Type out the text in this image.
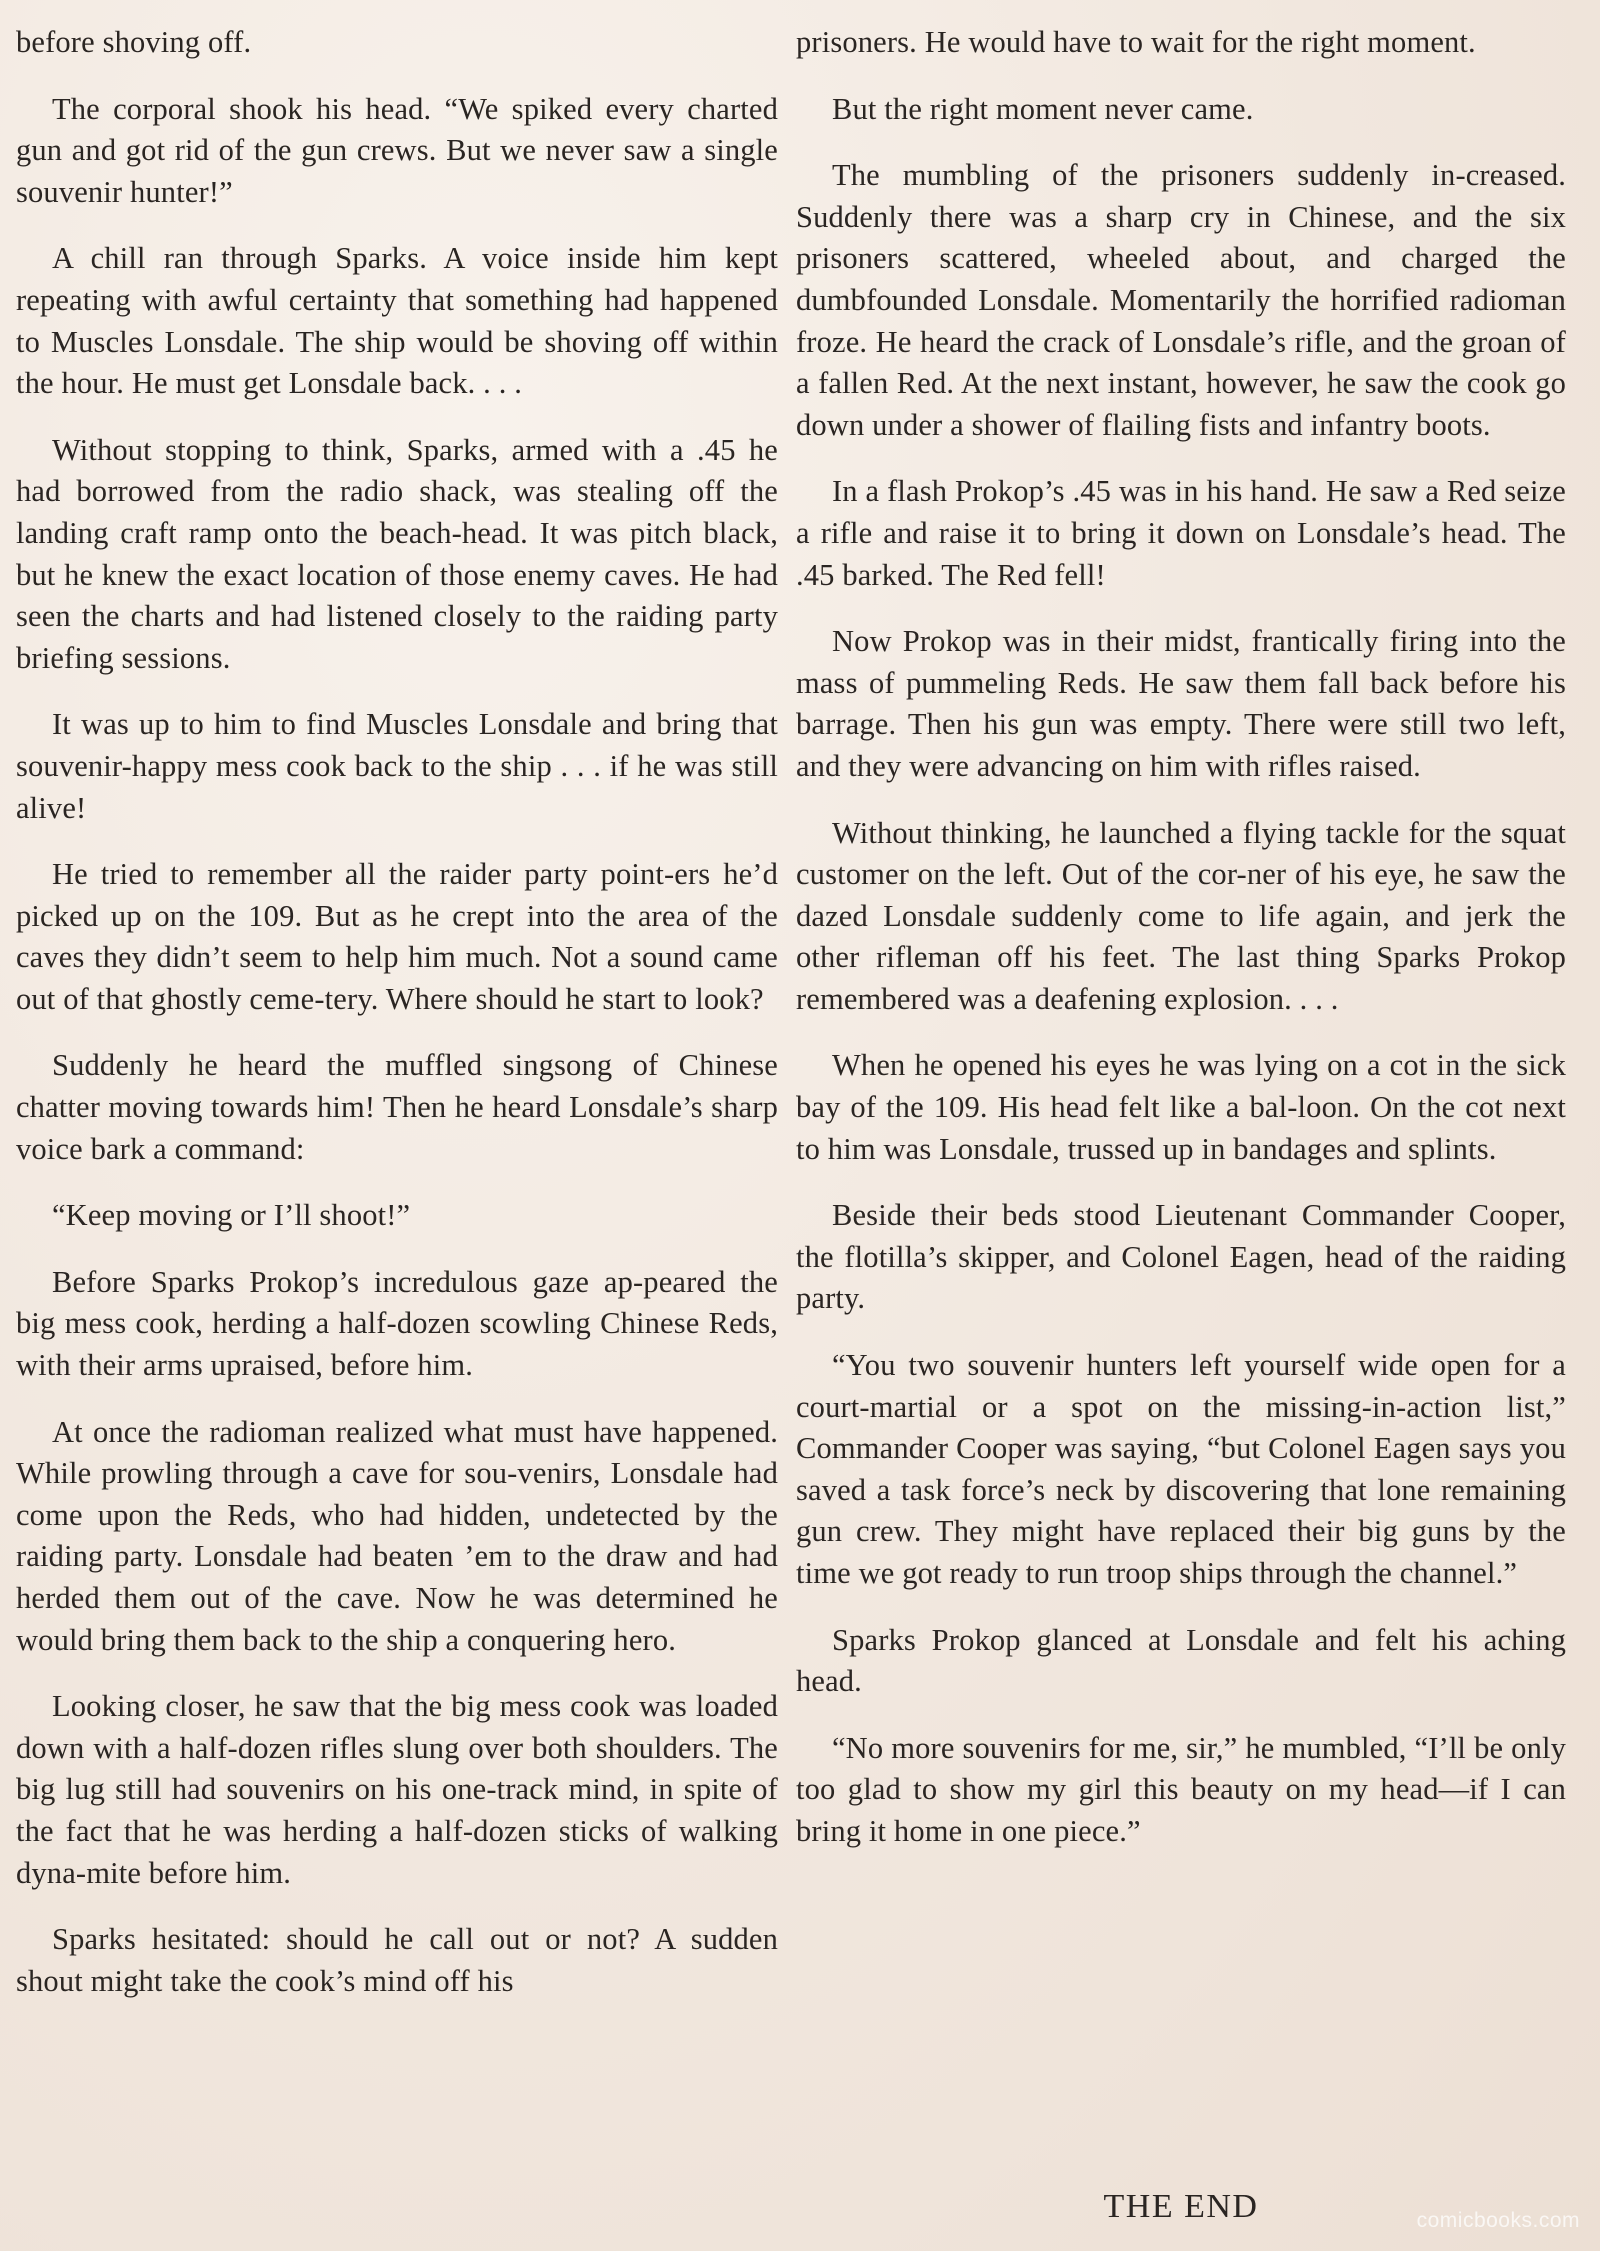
before shoving off.

The corporal shook his head. “We spiked every charted gun and got rid of the gun crews. But we never saw a single souvenir hunter!”

A chill ran through Sparks. A voice inside him kept repeating with awful certainty that something had happened to Muscles Lonsdale. The ship would be shoving off within the hour. He must get Lonsdale back. . . .

Without stopping to think, Sparks, armed with a .45 he had borrowed from the radio shack, was stealing off the landing craft ramp onto the beach-head. It was pitch black, but he knew the exact location of those enemy caves. He had seen the charts and had listened closely to the raiding party briefing sessions.

It was up to him to find Muscles Lonsdale and bring that souvenir-happy mess cook back to the ship . . . if he was still alive!

He tried to remember all the raider party point-ers he’d picked up on the 109. But as he crept into the area of the caves they didn’t seem to help him much. Not a sound came out of that ghostly ceme-tery. Where should he start to look?

Suddenly he heard the muffled singsong of Chinese chatter moving towards him! Then he heard Lonsdale’s sharp voice bark a command:

“Keep moving or I’ll shoot!”

Before Sparks Prokop’s incredulous gaze ap-peared the big mess cook, herding a half-dozen scowling Chinese Reds, with their arms upraised, before him.

At once the radioman realized what must have happened. While prowling through a cave for sou-venirs, Lonsdale had come upon the Reds, who had hidden, undetected by the raiding party. Lonsdale had beaten ’em to the draw and had herded them out of the cave. Now he was determined he would bring them back to the ship a conquering hero.

Looking closer, he saw that the big mess cook was loaded down with a half-dozen rifles slung over both shoulders. The big lug still had souvenirs on his one-track mind, in spite of the fact that he was herding a half-dozen sticks of walking dyna-mite before him.

Sparks hesitated: should he call out or not? A sudden shout might take the cook’s mind off his

prisoners. He would have to wait for the right moment.

But the right moment never came.

The mumbling of the prisoners suddenly in-creased. Suddenly there was a sharp cry in Chinese, and the six prisoners scattered, wheeled about, and charged the dumbfounded Lonsdale. Momentarily the horrified radioman froze. He heard the crack of Lonsdale’s rifle, and the groan of a fallen Red. At the next instant, however, he saw the cook go down under a shower of flailing fists and infantry boots.

In a flash Prokop’s .45 was in his hand. He saw a Red seize a rifle and raise it to bring it down on Lonsdale’s head. The .45 barked. The Red fell!

Now Prokop was in their midst, frantically firing into the mass of pummeling Reds. He saw them fall back before his barrage. Then his gun was empty. There were still two left, and they were advancing on him with rifles raised.

Without thinking, he launched a flying tackle for the squat customer on the left. Out of the cor-ner of his eye, he saw the dazed Lonsdale suddenly come to life again, and jerk the other rifleman off his feet. The last thing Sparks Prokop remembered was a deafening explosion. . . .

When he opened his eyes he was lying on a cot in the sick bay of the 109. His head felt like a bal-loon. On the cot next to him was Lonsdale, trussed up in bandages and splints.

Beside their beds stood Lieutenant Commander Cooper, the flotilla’s skipper, and Colonel Eagen, head of the raiding party.

“You two souvenir hunters left yourself wide open for a court-martial or a spot on the missing-in-action list,” Commander Cooper was saying, “but Colonel Eagen says you saved a task force’s neck by discovering that lone remaining gun crew. They might have replaced their big guns by the time we got ready to run troop ships through the channel.”

Sparks Prokop glanced at Lonsdale and felt his aching head.

“No more souvenirs for me, sir,” he mumbled, “I’ll be only too glad to show my girl this beauty on my head—if I can bring it home in one piece.”

THE END	comicbooks.com
